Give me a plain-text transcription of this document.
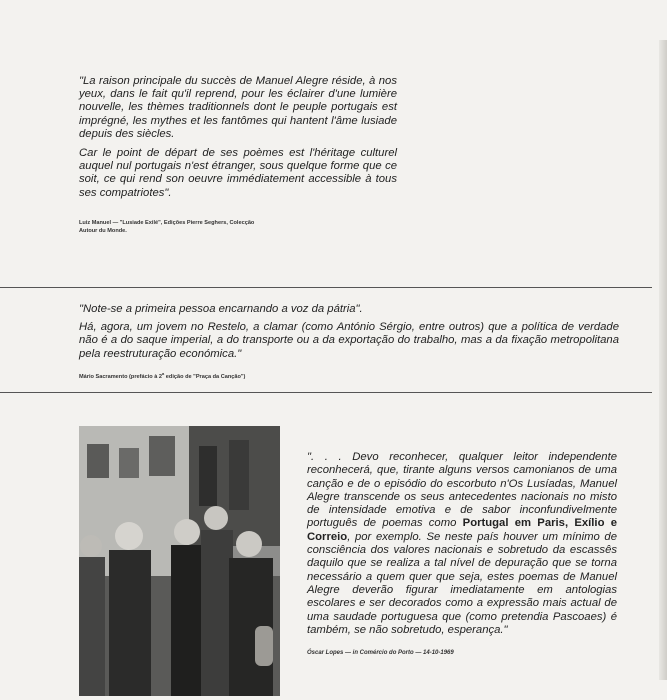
"La raison principale du succès de Manuel Alegre réside, à nos yeux, dans le fait qu'il reprend, pour les éclairer d'une lumière nouvelle, les thèmes traditionnels dont le peuple portugais est imprégné, les mythes et les fantômes qui hantent l'âme lusiade depuis des siècles.

Car le point de départ de ses poèmes est l'héritage culturel auquel nul portugais n'est étranger, sous quelque forme que ce soit, ce qui rend son oeuvre immédiatement accessible à tous ses compatriotes".

Luiz Manuel — "Lusiade Exilé", Edições Pierre Seghers, Colecção Autour du Monde.

"Note-se a primeira pessoa encarnando a voz da pátria".

Há, agora, um jovem no Restelo, a clamar (como António Sérgio, entre outros) que a política de verdade não é a do saque imperial, a do transporte ou a da exportação do trabalho, mas a da fixação metropolitana pela reestruturação económica."

Mário Sacramento (prefácio à 2$^a$ edição de "Praça da Canção")

". . . Devo reconhecer, qualquer leitor independente reconhecerá, que, tirante alguns versos camonianos de uma canção e de o episódio do escorbuto n'Os Lusíadas, Manuel Alegre transcende os seus antecedentes nacionais no misto de intensidade emotiva e de sabor inconfundivelmente português de poemas como Portugal em Paris, Exílio e Correio, por exemplo. Se neste país houver um mínimo de consciência dos valores nacionais e sobretudo da escassês daquilo que se realiza a tal nível de depuração que se torna necessário a quem quer que seja, estes poemas de Manuel Alegre deverão figurar imediatamente em antologias escolares e ser decorados como a expressão mais actual de uma saudade portuguesa que (como pretendia Pascoaes) é também, se não sobretudo, esperança."

Óscar Lopes — in Comércio do Porto — 14-10-1969
